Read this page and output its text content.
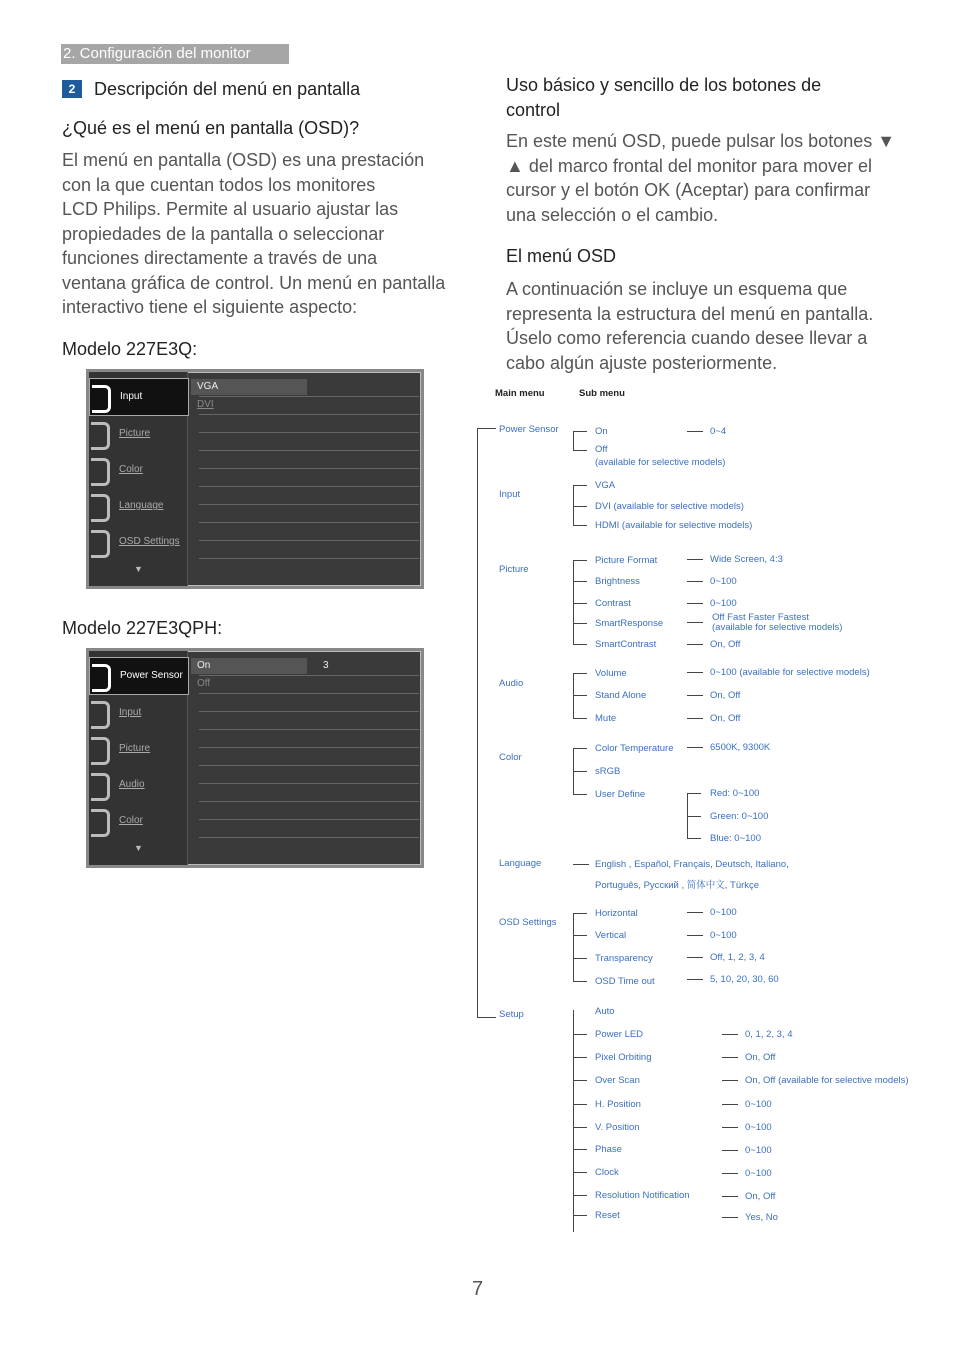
2. Configuración del monitor
2	Descripción del menú en pantalla
¿Qué es el menú en pantalla (OSD)?
El menú en pantalla (OSD) es una prestación
con la que cuentan todos los monitores
LCD Philips. Permite al usuario ajustar las
propiedades de la pantalla o seleccionar
funciones directamente a través de una
ventana gráfica de control. Un menú en pantalla
interactivo tiene el siguiente aspecto:
Modelo 227E3Q:
Input
Picture
Color
Language
OSD Settings
▼
VGA
DVI
Modelo 227E3QPH:
Power Sensor
Input
Picture
Audio
Color
▼
On	3
Off
Uso básico y sencillo de los botones de
control
En este menú OSD, puede pulsar los botones ▼
▲ del marco frontal del monitor para mover el
cursor y el botón OK (Aceptar) para confirmar
una selección o el cambio.
El menú OSD
A continuación se incluye un esquema que
representa la estructura del menú en pantalla.
Úselo como referencia cuando desee llevar a
cabo algún ajuste posteriormente.
Main menu	Sub menu
Power Sensor	On	0~4
Off
(available for selective models)
Input
VGA
DVI (available for selective models)
HDMI (available for selective models)
Picture
Picture Format	Wide Screen, 4:3
Brightness	0~100
Contrast	0~100
SmartResponse
Off Fast Faster Fastest
(available for selective models)
SmartContrast	On, Off
Audio
Volume	0~100 (available for selective models)
Stand Alone	On, Off
Mute	On, Off
Color
Color Temperature	6500K, 9300K
sRGB
User Define	Red: 0~100
Green: 0~100
Blue: 0~100
Language	English , Español, Français, Deutsch, Italiano,
Português, Русский , 简体中文, Türkçe
OSD Settings
Horizontal	0~100
Vertical	0~100
Transparency	Off, 1, 2, 3, 4
OSD Time out	5, 10, 20, 30, 60
Setup	Auto
Power LED	0, 1, 2, 3, 4
Pixel Orbiting	On, Off
Over Scan	On, Off (available for selective models)
H. Position	0~100
V. Position	0~100
Phase	0~100
Clock	0~100
Resolution Notification	On, Off
Reset	Yes, No
7
